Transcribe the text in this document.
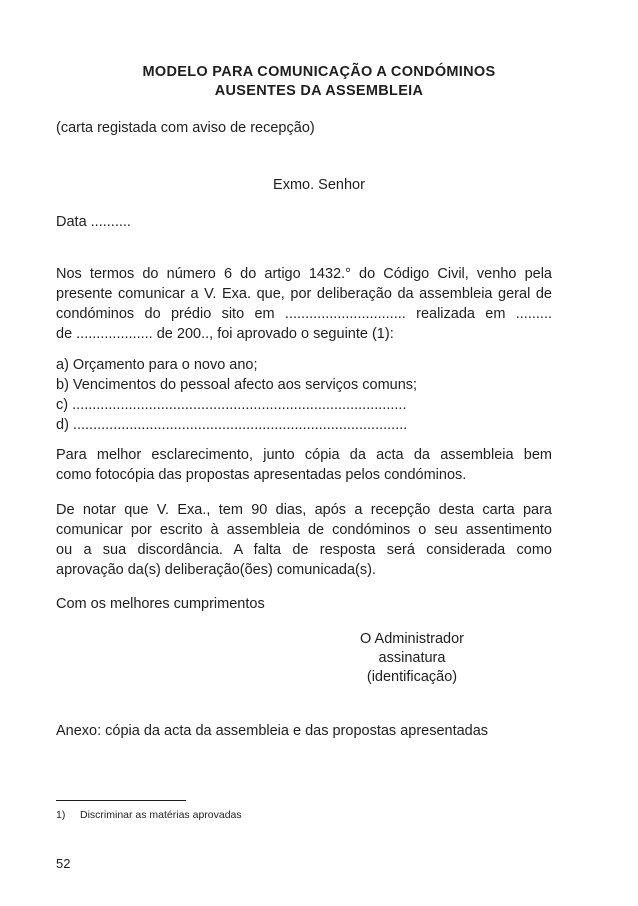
MODELO PARA COMUNICAÇÃO A CONDÓMINOS
AUSENTES DA ASSEMBLEIA
(carta registada com aviso de recepção)
Exmo. Senhor
Data ..........
Nos termos do número 6 do artigo 1432.° do Código Civil, venho pela
presente comunicar a V. Exa. que, por deliberação da assembleia geral de
condóminos do prédio sito em .............................. realizada em .........
de ................... de 200.., foi aprovado o seguinte (1):
a) Orçamento para o novo ano;
b) Vencimentos do pessoal afecto aos serviços comuns;
c) ...................................................................................
d) ...................................................................................
Para melhor esclarecimento, junto cópia da acta da assembleia bem
como fotocópia das propostas apresentadas pelos condóminos.
De notar que V. Exa., tem 90 dias, após a recepção desta carta para
comunicar por escrito à assembleia de condóminos o seu assentimento
ou a sua discordância. A falta de resposta será considerada como
aprovação da(s) deliberação(ões) comunicada(s).
Com os melhores cumprimentos
O Administrador
assinatura
(identificação)
Anexo: cópia da acta da assembleia e das propostas apresentadas
1) Discriminar as matérias aprovadas
52
